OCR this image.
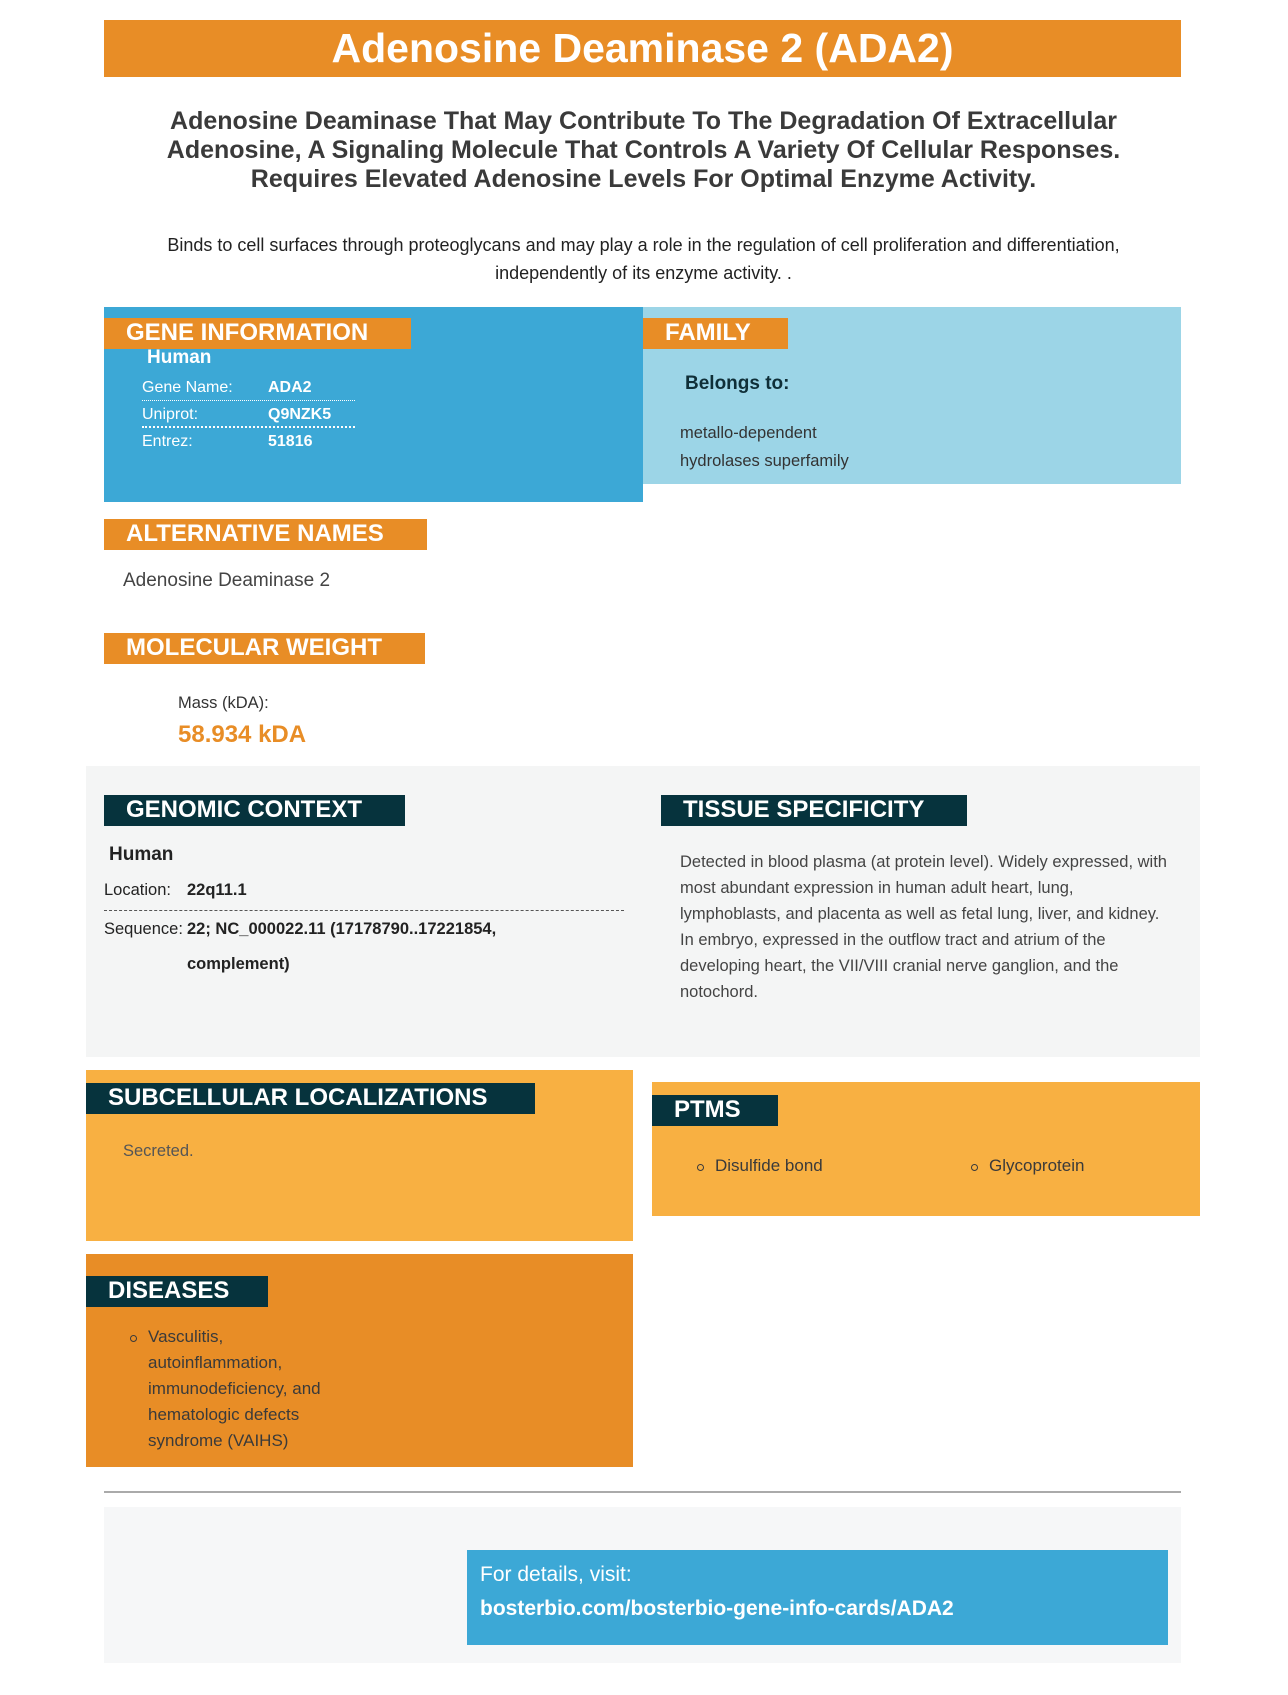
Adenosine Deaminase 2 (ADA2)
Adenosine Deaminase That May Contribute To The Degradation Of Extracellular Adenosine, A Signaling Molecule That Controls A Variety Of Cellular Responses. Requires Elevated Adenosine Levels For Optimal Enzyme Activity.
Binds to cell surfaces through proteoglycans and may play a role in the regulation of cell proliferation and differentiation, independently of its enzyme activity. .
GENE INFORMATION
Human
Gene Name:	ADA2
Uniprot:	Q9NZK5
Entrez:	51816
FAMILY
Belongs to:
metallo-dependent
hydrolases superfamily
ALTERNATIVE NAMES
Adenosine Deaminase 2
MOLECULAR WEIGHT
Mass (kDA):
58.934 kDA
GENOMIC CONTEXT
Human
Location: 22q11.1
Sequence: 22; NC_000022.11 (17178790..17221854,
complement)
TISSUE SPECIFICITY
Detected in blood plasma (at protein level). Widely expressed, with most abundant expression in human adult heart, lung, lymphoblasts, and placenta as well as fetal lung, liver, and kidney. In embryo, expressed in the outflow tract and atrium of the developing heart, the VII/VIII cranial nerve ganglion, and the notochord.
SUBCELLULAR LOCALIZATIONS
Secreted.
PTMS
Disulfide bond	Glycoprotein
DISEASES
Vasculitis, autoinflammation, immunodeficiency, and hematologic defects syndrome (VAIHS)
For details, visit:
bosterbio.com/bosterbio-gene-info-cards/ADA2
